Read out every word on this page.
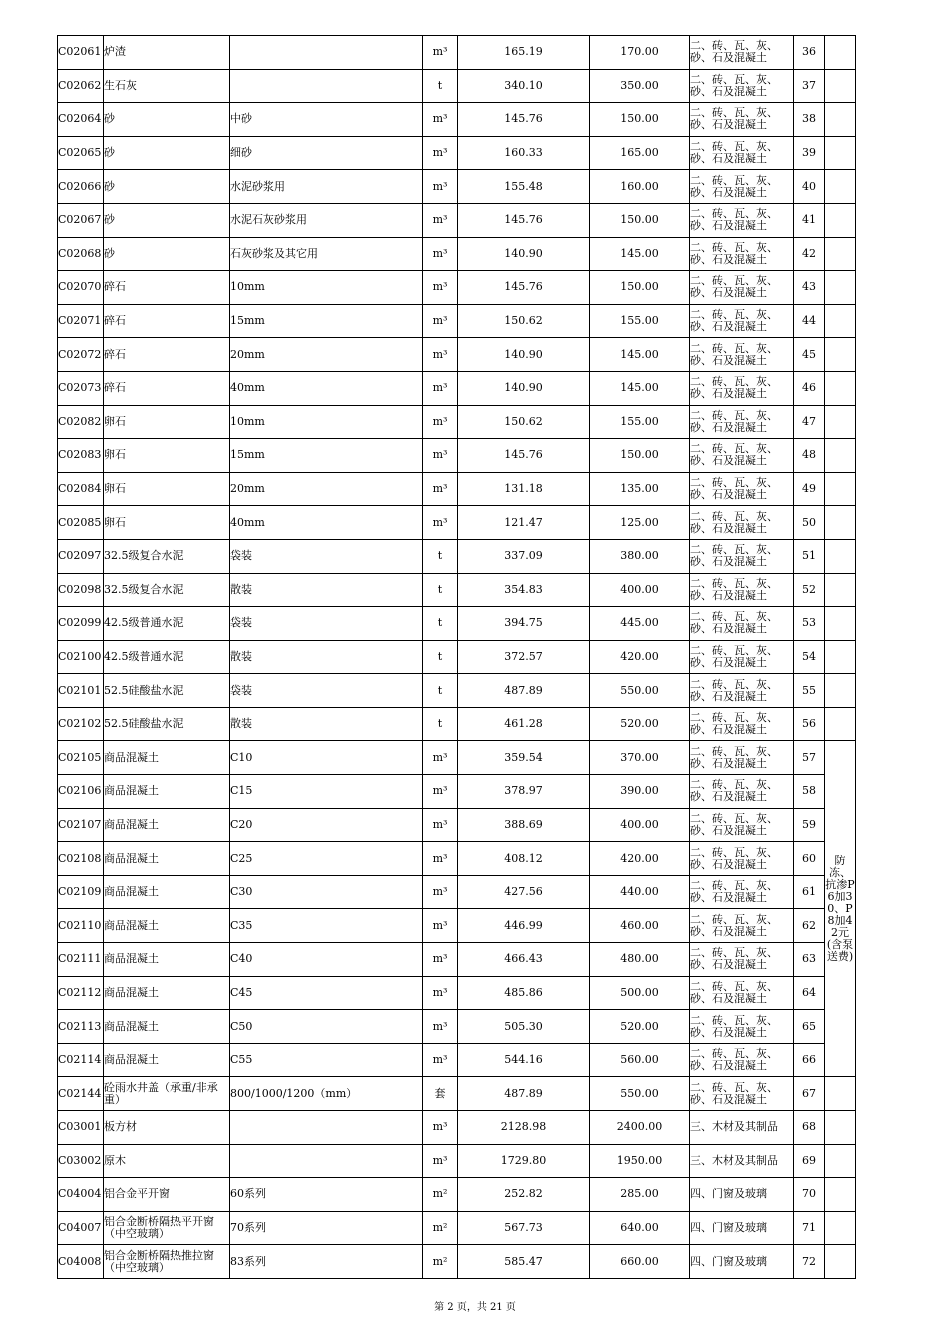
C02061	炉渣		m³	165.19	170.00	二、砖、瓦、灰、砂、石及混凝土	36	
C02062	生石灰		t	340.10	350.00	二、砖、瓦、灰、砂、石及混凝土	37	
C02064	砂	中砂	m³	145.76	150.00	二、砖、瓦、灰、砂、石及混凝土	38	
C02065	砂	细砂	m³	160.33	165.00	二、砖、瓦、灰、砂、石及混凝土	39	
C02066	砂	水泥砂浆用	m³	155.48	160.00	二、砖、瓦、灰、砂、石及混凝土	40	
C02067	砂	水泥石灰砂浆用	m³	145.76	150.00	二、砖、瓦、灰、砂、石及混凝土	41	
C02068	砂	石灰砂浆及其它用	m³	140.90	145.00	二、砖、瓦、灰、砂、石及混凝土	42	
C02070	碎石	10mm	m³	145.76	150.00	二、砖、瓦、灰、砂、石及混凝土	43	
C02071	碎石	15mm	m³	150.62	155.00	二、砖、瓦、灰、砂、石及混凝土	44	
C02072	碎石	20mm	m³	140.90	145.00	二、砖、瓦、灰、砂、石及混凝土	45	
C02073	碎石	40mm	m³	140.90	145.00	二、砖、瓦、灰、砂、石及混凝土	46	
C02082	卵石	10mm	m³	150.62	155.00	二、砖、瓦、灰、砂、石及混凝土	47	
C02083	卵石	15mm	m³	145.76	150.00	二、砖、瓦、灰、砂、石及混凝土	48	
C02084	卵石	20mm	m³	131.18	135.00	二、砖、瓦、灰、砂、石及混凝土	49	
C02085	卵石	40mm	m³	121.47	125.00	二、砖、瓦、灰、砂、石及混凝土	50	
C02097	32.5级复合水泥	袋装	t	337.09	380.00	二、砖、瓦、灰、砂、石及混凝土	51	
C02098	32.5级复合水泥	散装	t	354.83	400.00	二、砖、瓦、灰、砂、石及混凝土	52	
C02099	42.5级普通水泥	袋装	t	394.75	445.00	二、砖、瓦、灰、砂、石及混凝土	53	
C02100	42.5级普通水泥	散装	t	372.57	420.00	二、砖、瓦、灰、砂、石及混凝土	54	
C02101	52.5硅酸盐水泥	袋装	t	487.89	550.00	二、砖、瓦、灰、砂、石及混凝土	55	
C02102	52.5硅酸盐水泥	散装	t	461.28	520.00	二、砖、瓦、灰、砂、石及混凝土	56	
C02105	商品混凝土	C10	m³	359.54	370.00	二、砖、瓦、灰、砂、石及混凝土	57	防冻、抗渗P6加30、P8加42元(含泵送费)
C02106	商品混凝土	C15	m³	378.97	390.00	二、砖、瓦、灰、砂、石及混凝土	58	
C02107	商品混凝土	C20	m³	388.69	400.00	二、砖、瓦、灰、砂、石及混凝土	59	
C02108	商品混凝土	C25	m³	408.12	420.00	二、砖、瓦、灰、砂、石及混凝土	60	
C02109	商品混凝土	C30	m³	427.56	440.00	二、砖、瓦、灰、砂、石及混凝土	61	
C02110	商品混凝土	C35	m³	446.99	460.00	二、砖、瓦、灰、砂、石及混凝土	62	
C02111	商品混凝土	C40	m³	466.43	480.00	二、砖、瓦、灰、砂、石及混凝土	63	
C02112	商品混凝土	C45	m³	485.86	500.00	二、砖、瓦、灰、砂、石及混凝土	64	
C02113	商品混凝土	C50	m³	505.30	520.00	二、砖、瓦、灰、砂、石及混凝土	65	
C02114	商品混凝土	C55	m³	544.16	560.00	二、砖、瓦、灰、砂、石及混凝土	66	
C02144	砼雨水井盖（承重/非承重）	800/1000/1200（mm）	套	487.89	550.00	二、砖、瓦、灰、砂、石及混凝土	67	
C03001	板方材		m³	2128.98	2400.00	三、木材及其制品	68	
C03002	原木		m³	1729.80	1950.00	三、木材及其制品	69	
C04004	铝合金平开窗	60系列	m²	252.82	285.00	四、门窗及玻璃	70	
C04007	铝合金断桥隔热平开窗（中空玻璃）	70系列	m²	567.73	640.00	四、门窗及玻璃	71	
C04008	铝合金断桥隔热推拉窗（中空玻璃）	83系列	m²	585.47	660.00	四、门窗及玻璃	72	
第 2 页，共 21 页
